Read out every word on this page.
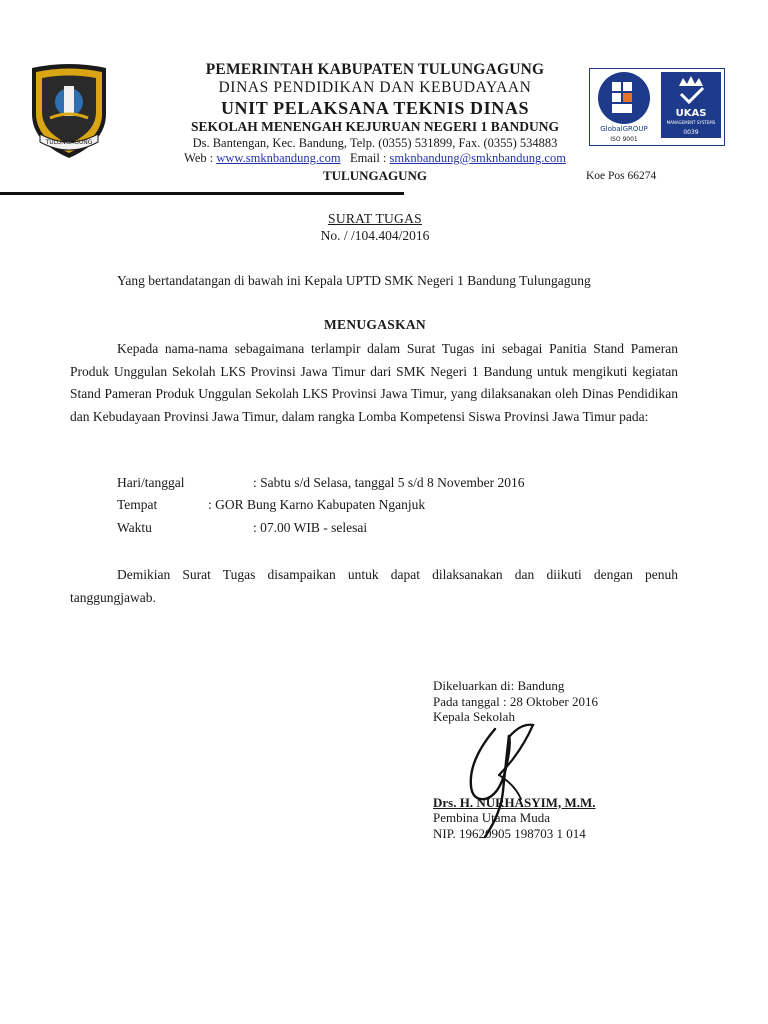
TULUNGAGUNG
PEMERINTAH KABUPATEN TULUNGAGUNG
DINAS PENDIDIKAN DAN KEBUDAYAAN
UNIT PELAKSANA TEKNIS DINAS
SEKOLAH MENENGAH KEJURUAN NEGERI 1 BANDUNG
Ds. Bantengan, Kec. Bandung, Telp. (0355) 531899, Fax. (0355) 534883
Web : www.smknbandung.com Email : smknbandung@smknbandung.com
TULUNGAGUNG
GlobalGROUP
ISO 9001
UKAS
MANAGEMENT SYSTEMS
0039
Koe Pos 66274
SURAT TUGAS
No. / /104.404/2016
Yang bertandatangan di bawah ini Kepala UPTD SMK Negeri 1 Bandung Tulungagung
MENUGASKAN
Kepada nama-nama sebagaimana terlampir dalam Surat Tugas ini sebagai Panitia Stand Pameran Produk Unggulan Sekolah LKS Provinsi Jawa Timur dari SMK Negeri 1 Bandung untuk mengikuti kegiatan Stand Pameran Produk Unggulan Sekolah LKS Provinsi Jawa Timur, yang dilaksanakan oleh Dinas Pendidikan dan Kebudayaan Provinsi Jawa Timur, dalam rangka Lomba Kompetensi Siswa Provinsi Jawa Timur pada:
Hari/tanggal	: Sabtu s/d Selasa, tanggal 5 s/d 8 November 2016
Tempat	: GOR Bung Karno Kabupaten Nganjuk
Waktu	: 07.00 WIB - selesai
Demikian Surat Tugas disampaikan untuk dapat dilaksanakan dan diikuti dengan penuh tanggungjawab.
Dikeluarkan di: Bandung
Pada tanggal : 28 Oktober 2016
Kepala Sekolah
Drs. H. NURHASYIM, M.M.
Pembina Utama Muda
NIP. 19620905 198703 1 014
